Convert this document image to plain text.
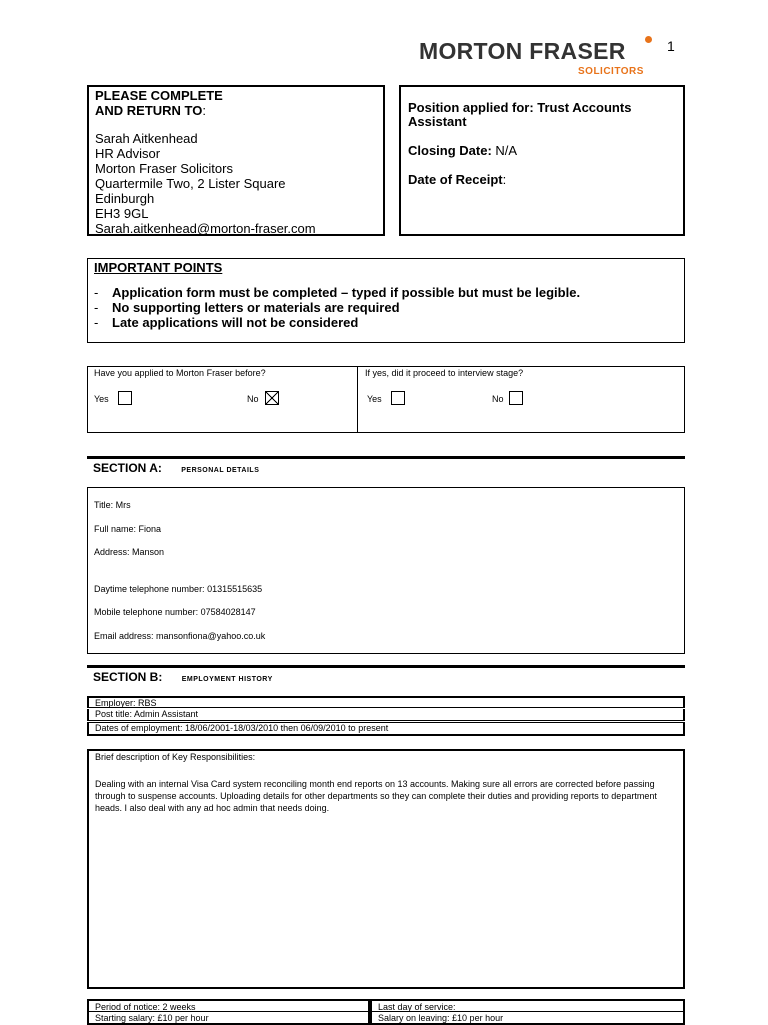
MORTON FRASER
SOLICITORS
1
PLEASE COMPLETE
AND RETURN TO:
Sarah Aitkenhead
HR Advisor
Morton Fraser Solicitors
Quartermile Two, 2 Lister Square
Edinburgh
EH3 9GL
Sarah.aitkenhead@morton-fraser.com
Position applied for: Trust Accounts Assistant
Closing Date: N/A
Date of Receipt:
IMPORTANT POINTS
-	Application form must be completed – typed if possible but must be legible.
-	No supporting letters or materials are required
-	Late applications will not be considered
Have you applied to Morton Fraser before?
Yes	No
If yes, did it proceed to interview stage?
Yes	No
SECTION A:	PERSONAL DETAILS
Title: Mrs
Full name: Fiona
Address: Manson
Daytime telephone number: 01315515635
Mobile telephone number: 07584028147
Email address: mansonfiona@yahoo.co.uk
SECTION B:	EMPLOYMENT HISTORY
Employer: RBS
Post title: Admin Assistant
Dates of employment: 18/06/2001-18/03/2010 then 06/09/2010 to present
Brief description of Key Responsibilities:
Dealing with an internal Visa Card system reconciling month end reports on 13 accounts. Making sure all errors are corrected before passing through to suspense accounts. Uploading details for other departments so they can complete their duties and providing reports to department heads. I also deal with any ad hoc admin that needs doing.
Period of notice: 2 weeks	Last day of service:
Starting salary: £10 per hour	Salary on leaving: £10 per hour
